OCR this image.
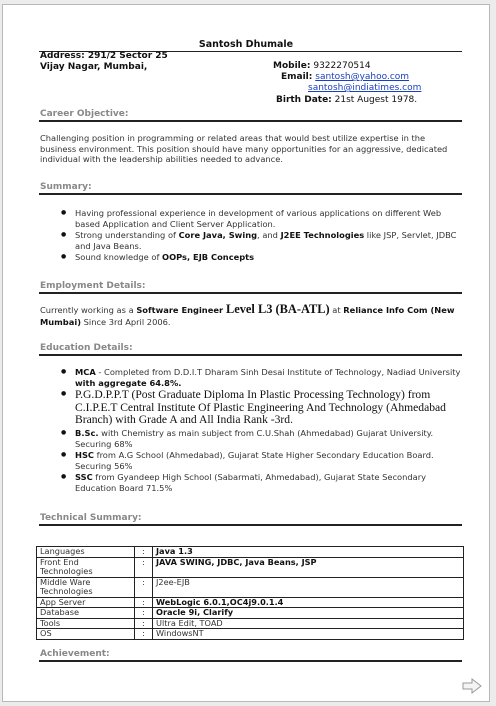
Santosh Dhumale
Address: 291/2 Sector 25
Vijay Nagar, Mumbai,	Mobile: 9322270514
Email: santosh@yahoo.com
santosh@indiatimes.com
Birth Date: 21st Augest 1978.
Career Objective:
Challenging position in programming or related areas that would best utilize expertise in the business environment. This position should have many opportunities for an aggressive, dedicated individual with the leadership abilities needed to advance.
Summary:
● Having professional experience in development of various applications on different Web based Application and Client Server Application.
● Strong understanding of Core Java, Swing, and J2EE Technologies like JSP, Servlet, JDBC and Java Beans.
● Sound knowledge of OOPs, EJB Concepts
Employment Details:
Currently working as a Software Engineer Level L3 (BA-ATL) at Reliance Info Com (New Mumbai) Since 3rd April 2006.
Education Details:
● MCA - Completed from D.D.I.T Dharam Sinh Desai Institute of Technology, Nadiad University with aggregate 64.8%.
● P.G.D.P.P.T (Post Graduate Diploma In Plastic Processing Technology) from C.I.P.E.T Central Institute Of Plastic Engineering And Technology (Ahmedabad Branch) with Grade A and All India Rank -3rd.
● B.Sc. with Chemistry as main subject from C.U.Shah (Ahmedabad) Gujarat University. Securing 68%
● HSC from A.G School (Ahmedabad), Gujarat State Higher Secondary Education Board. Securing 56%
● SSC from Gyandeep High School (Sabarmati, Ahmedabad), Gujarat State Secondary Education Board 71.5%
Technical Summary:
Languages	:	Java 1.3
Front End Technologies	:	JAVA SWING, JDBC, Java Beans, JSP
Middle Ware Technologies	:	J2ee-EJB
App Server	:	WebLogic 6.0.1,OC4j9.0.1.4
Database	:	Oracle 9i, Clarify
Tools	:	Ultra Edit, TOAD
OS	:	WindowsNT
Achievement:
